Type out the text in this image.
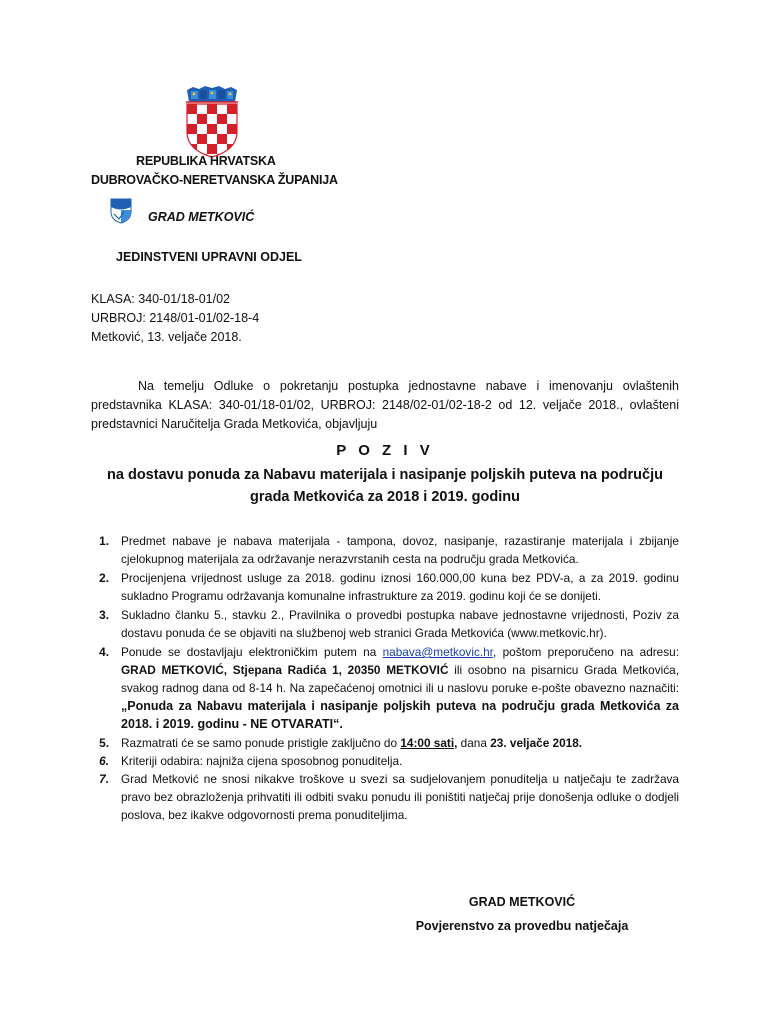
REPUBLIKA HRVATSKA
DUBROVAČKO-NERETVANSKA ŽUPANIJA
GRAD METKOVIĆ
JEDINSTVENI UPRAVNI ODJEL
KLASA: 340-01/18-01/02
URBROJ: 2148/01-01/02-18-4
Metković, 13. veljače 2018.
Na temelju Odluke o pokretanju postupka jednostavne nabave i imenovanju ovlaštenih predstavnika KLASA: 340-01/18-01/02, URBROJ: 2148/02-01/02-18-2 od 12. veljače 2018., ovlašteni predstavnici Naručitelja Grada Metkovića, objavljuju
P O Z I V
na dostavu ponuda za Nabavu materijala i nasipanje poljskih puteva na području
grada Metkovića za 2018 i 2019. godinu
1. Predmet nabave je nabava materijala - tampona, dovoz, nasipanje, razastiranje materijala i zbijanje cjelokupnog materijala za održavanje nerazvrstanih cesta na području grada Metkovića.
2. Procijenjena vrijednost usluge za 2018. godinu iznosi 160.000,00 kuna bez PDV-a, a za 2019. godinu sukladno Programu održavanja komunalne infrastrukture za 2019. godinu koji će se donijeti.
3. Sukladno članku 5., stavku 2., Pravilnika o provedbi postupka nabave jednostavne vrijednosti, Poziv za dostavu ponuda će se objaviti na službenoj web stranici Grada Metkovića (www.metkovic.hr).
4. Ponude se dostavljaju elektroničkim putem na nabava@metkovic.hr, poštom preporučeno na adresu: GRAD METKOVIĆ, Stjepana Radića 1, 20350 METKOVIĆ ili osobno na pisarnicu Grada Metkovića, svakog radnog dana od 8-14 h. Na zapečaćenoj omotnici ili u naslovu poruke e-pošte obavezno naznačiti: „Ponuda za Nabavu materijala i nasipanje poljskih puteva na području grada Metkovića za 2018. i 2019. godinu - NE OTVARATI“.
5. Razmatrati će se samo ponude pristigle zaključno do 14:00 sati, dana 23. veljače 2018.
6. Kriteriji odabira: najniža cijena sposobnog ponuditelja.
7. Grad Metković ne snosi nikakve troškove u svezi sa sudjelovanjem ponuditelja u natječaju te zadržava pravo bez obrazloženja prihvatiti ili odbiti svaku ponudu ili poništiti natječaj prije donošenja odluke o dodjeli poslova, bez ikakve odgovornosti prema ponuditeljima.
GRAD METKOVIĆ
Povjerenstvo za provedbu natječaja
